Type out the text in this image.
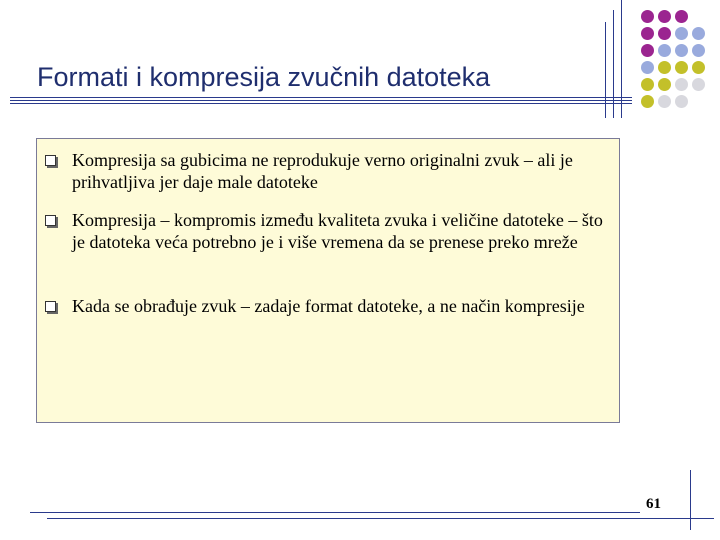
Formati i kompresija zvučnih datoteka
Kompresija sa gubicima ne reprodukuje verno originalni zvuk – ali je prihvatljiva jer daje male datoteke
Kompresija – kompromis između kvaliteta zvuka i veličine datoteke – što je datoteka veća potrebno je i više vremena da se prenese preko mreže
Kada se obrađuje zvuk – zadaje format datoteke, a ne način kompresije
61
